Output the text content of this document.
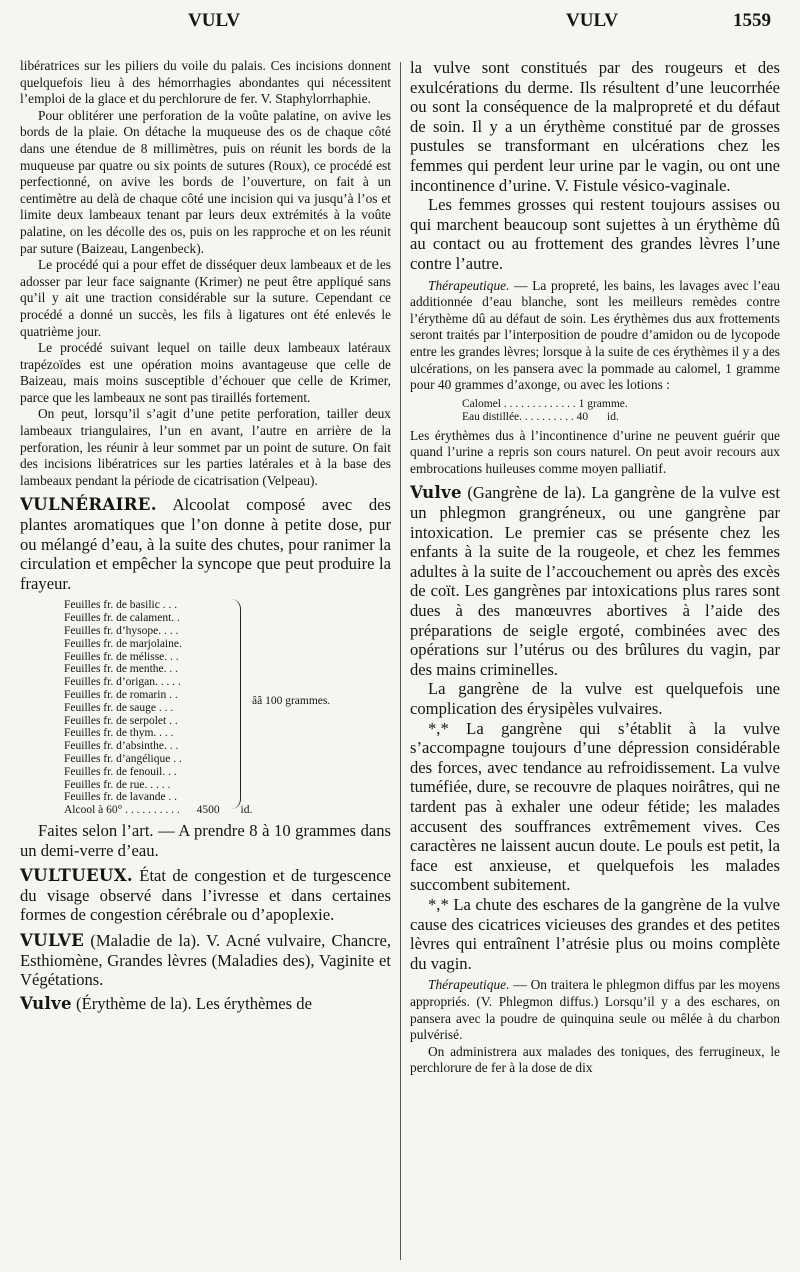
VULV	VULV	1559

libératrices sur les piliers du voile du palais. Ces incisions donnent quelquefois lieu à des hémorrhagies abondantes qui nécessitent l’emploi de la glace et du perchlorure de fer. V. Staphylorrhaphie.

Pour oblitérer une perforation de la voûte palatine, on avive les bords de la plaie. On détache la muqueuse des os de chaque côté dans une étendue de 8 millimètres, puis on réunit les bords de la muqueuse par quatre ou six points de sutures (Roux), ce procédé est perfectionné, on avive les bords de l’ouverture, on fait à un centimètre au delà de chaque côté une incision qui va jusqu’à l’os et limite deux lambeaux tenant par leurs deux extrémités à la voûte palatine, on les décolle des os, puis on les rapproche et on les réunit par suture (Baizeau, Langenbeck).

Le procédé qui a pour effet de disséquer deux lambeaux et de les adosser par leur face saignante (Krimer) ne peut être appliqué sans qu’il y ait une traction considérable sur la suture. Cependant ce procédé a donné un succès, les fils à ligatures ont été enlevés le quatrième jour.

Le procédé suivant lequel on taille deux lambeaux latéraux trapézoïdes est une opération moins avantageuse que celle de Baizeau, mais moins susceptible d’échouer que celle de Krimer, parce que les lambeaux ne sont pas tiraillés fortement.

On peut, lorsqu’il s’agit d’une petite perforation, tailler deux lambeaux triangulaires, l’un en avant, l’autre en arrière de la perforation, les réunir à leur sommet par un point de suture. On fait des incisions libératrices sur les parties latérales et à la base des lambeaux pendant la période de cicatrisation (Velpeau).

VULNÉRAIRE. Alcoolat composé avec des plantes aromatiques que l’on donne à petite dose, pur ou mélangé d’eau, à la suite des chutes, pour ranimer la circulation et empêcher la syncope que peut produire la frayeur.

Feuilles fr. de basilic . . .
Feuilles fr. de calament. .
Feuilles fr. d’hysope. . . .
Feuilles fr. de marjolaine.
Feuilles fr. de mélisse. . .
Feuilles fr. de menthe. . .
Feuilles fr. d’origan. . . . .
Feuilles fr. de romarin . .
Feuilles fr. de sauge . . .
Feuilles fr. de serpolet . .
Feuilles fr. de thym. . . .
Feuilles fr. d’absinthe. . .
Feuilles fr. d’angélique . .
Feuilles fr. de fenouil. . .
Feuilles fr. de rue. . . . .
Feuilles fr. de lavande . .
ââ 100 grammes.
Alcool à 60° . . . . . . . . . . 4500 id.

Faites selon l’art. — A prendre 8 à 10 grammes dans un demi-verre d’eau.

VULTUEUX. État de congestion et de turgescence du visage observé dans l’ivresse et dans certaines formes de congestion cérébrale ou d’apoplexie.

VULVE (Maladie de la). V. Acné vulvaire, Chancre, Esthiomène, Grandes lèvres (Maladies des), Vaginite et Végétations.

Vulve (Érythème de la). Les érythèmes de

la vulve sont constitués par des rougeurs et des exulcérations du derme. Ils résultent d’une leucorrhée ou sont la conséquence de la malpropreté et du défaut de soin. Il y a un érythème constitué par de grosses pustules se transformant en ulcérations chez les femmes qui perdent leur urine par le vagin, ou ont une incontinence d’urine. V. Fistule vésico-vaginale.

Les femmes grosses qui restent toujours assises ou qui marchent beaucoup sont sujettes à un érythème dû au contact ou au frottement des grandes lèvres l’une contre l’autre.

Thérapeutique. — La propreté, les bains, les lavages avec l’eau additionnée d’eau blanche, sont les meilleurs remèdes contre l’érythème dû au défaut de soin. Les érythèmes dus aux frottements seront traités par l’interposition de poudre d’amidon ou de lycopode entre les grandes lèvres; lorsque à la suite de ces érythèmes il y a des ulcérations, on les pansera avec la pommade au calomel, 1 gramme pour 40 grammes d’axonge, ou avec les lotions :

Calomel . . . . . . . . . . . . . 1 gramme.
Eau distillée. . . . . . . . . . 40 id.

Les érythèmes dus à l’incontinence d’urine ne peuvent guérir que quand l’urine a repris son cours naturel. On peut avoir recours aux embrocations huileuses comme moyen palliatif.

Vulve (Gangrène de la). La gangrène de la vulve est un phlegmon grangréneux, ou une gangrène par intoxication. Le premier cas se présente chez les enfants à la suite de la rougeole, et chez les femmes adultes à la suite de l’accouchement ou après des excès de coït. Les gangrènes par intoxications plus rares sont dues à des manœuvres abortives à l’aide des préparations de seigle ergoté, combinées avec des opérations sur l’utérus ou des brûlures du vagin, par des mains criminelles.

La gangrène de la vulve est quelquefois une complication des érysipèles vulvaires.

*,* La gangrène qui s’établit à la vulve s’accompagne toujours d’une dépression considérable des forces, avec tendance au refroidissement. La vulve tuméfiée, dure, se recouvre de plaques noirâtres, qui ne tardent pas à exhaler une odeur fétide; les malades accusent des souffrances extrêmement vives. Ces caractères ne laissent aucun doute. Le pouls est petit, la face est anxieuse, et quelquefois les malades succombent subitement.

*,* La chute des eschares de la gangrène de la vulve cause des cicatrices vicieuses des grandes et des petites lèvres qui entraînent l’atrésie plus ou moins complète du vagin.

Thérapeutique. — On traitera le phlegmon diffus par les moyens appropriés. (V. Phlegmon diffus.) Lorsqu’il y a des eschares, on pansera avec la poudre de quinquina seule ou mêlée à du charbon pulvérisé.

On administrera aux malades des toniques, des ferrugineux, le perchlorure de fer à la dose de dix
